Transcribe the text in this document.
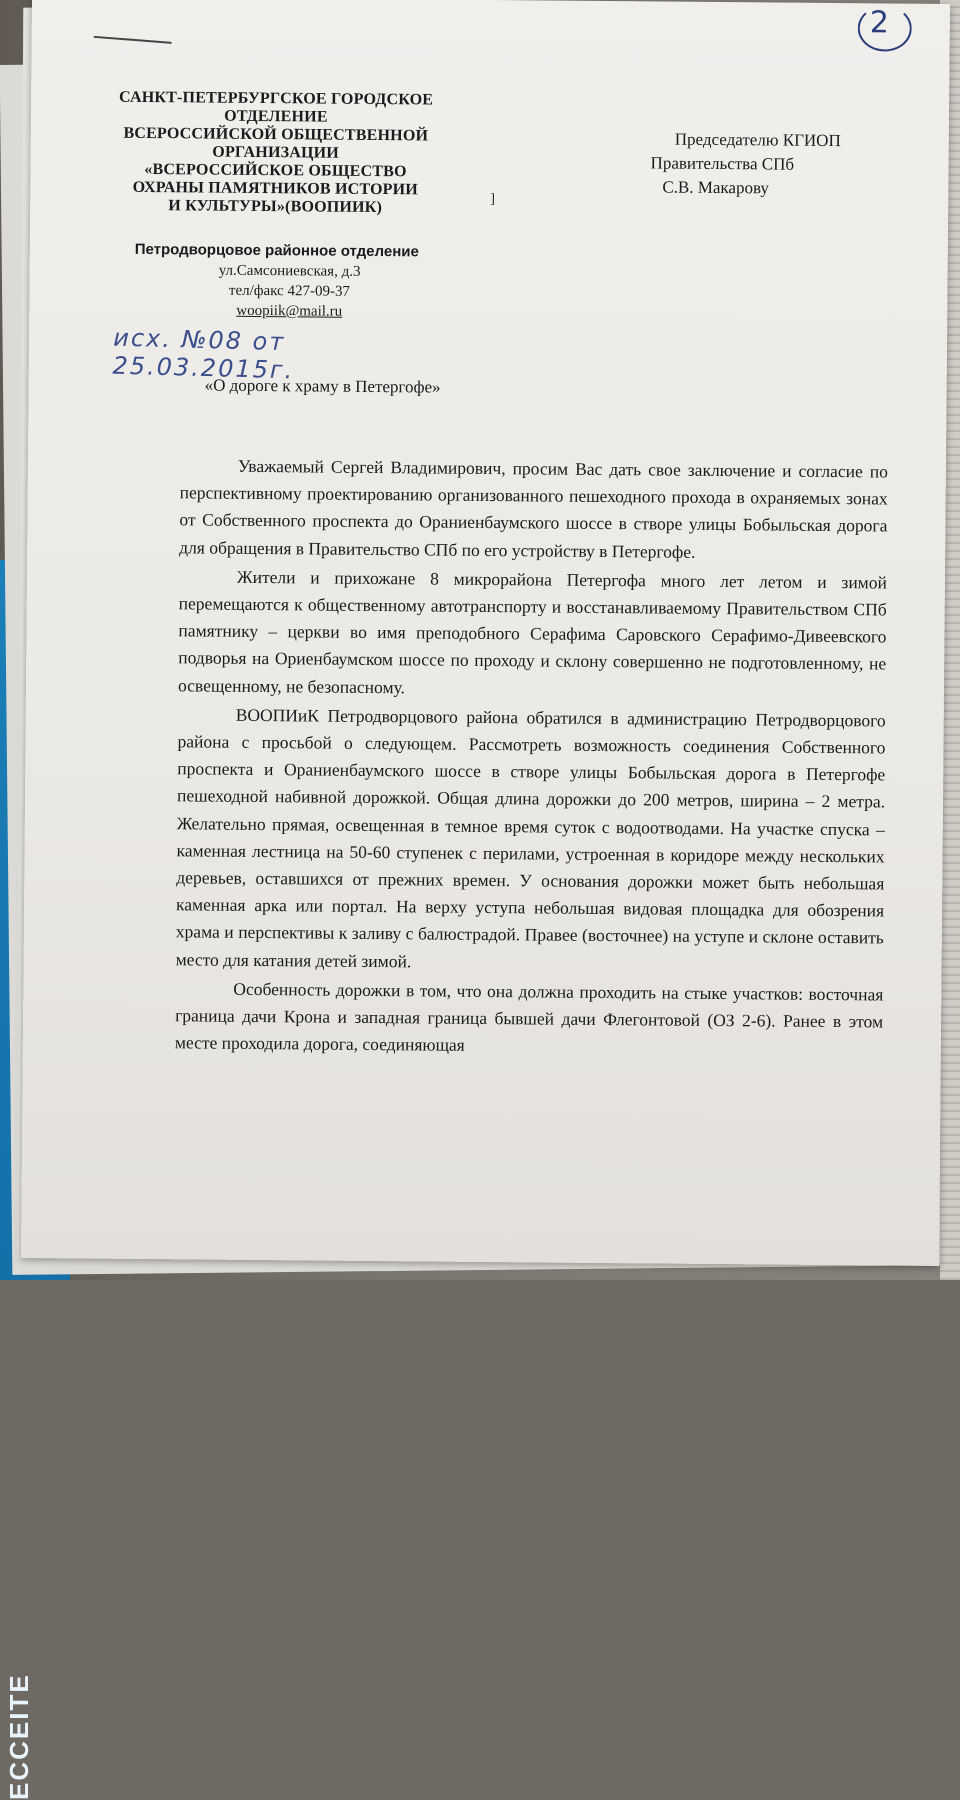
ECCEITE
2
САНКТ-ПЕТЕРБУРГСКОЕ ГОРОДСКОЕ
ОТДЕЛЕНИЕ
ВСЕРОССИЙСКОЙ ОБЩЕСТВЕННОЙ
ОРГАНИЗАЦИИ
«ВСЕРОССИЙСКОЕ ОБЩЕСТВО
ОХРАНЫ ПАМЯТНИКОВ ИСТОРИИ
И КУЛЬТУРЫ»(ВООПИИК)
Петродворцовое районное отделение
ул.Самсониевская, д.3
тел/факс 427-09-37
woopiik@mail.ru
исх. №08 от 25.03.2015г.
Председателю КГИОП
Правительства СПб
С.В. Макарову
]
«О дороге к храму в Петергофе»

Уважаемый Сергей Владимирович, просим Вас дать свое заключение и согласие по перспективному проектированию организованного пешеходного прохода в охраняемых зонах от Собственного проспекта до Ораниенбаумского шоссе в створе улицы Бобыльская дорога для обращения в Правительство СПб по его устройству в Петергофе.

Жители и прихожане 8 микрорайона Петергофа много лет летом и зимой перемещаются к общественному автотранспорту и восстанавливаемому Правительством СПб памятнику – церкви во имя преподобного Серафима Саровского Серафимо-Дивеевского подворья на Ориенбаумском шоссе по проходу и склону совершенно не подготовленному, не освещенному, не безопасному.

ВООПИиК Петродворцового района обратился в администрацию Петродворцового района с просьбой о следующем. Рассмотреть возможность соединения Собственного проспекта и Ораниенбаумского шоссе в створе улицы Бобыльская дорога в Петергофе пешеходной набивной дорожкой. Общая длина дорожки до 200 метров, ширина – 2 метра. Желательно прямая, освещенная в темное время суток с водоотводами. На участке спуска – каменная лестница на 50-60 ступенек с перилами, устроенная в коридоре между нескольких деревьев, оставшихся от прежних времен. У основания дорожки может быть небольшая каменная арка или портал. На верху уступа небольшая видовая площадка для обозрения храма и перспективы к заливу с балюстрадой. Правее (восточнее) на уступе и склоне оставить место для катания детей зимой.

Особенность дорожки в том, что она должна проходить на стыке участков: восточная граница дачи Крона и западная граница бывшей дачи Флегонтовой (ОЗ 2-6). Ранее в этом месте проходила дорога, соединяющая
